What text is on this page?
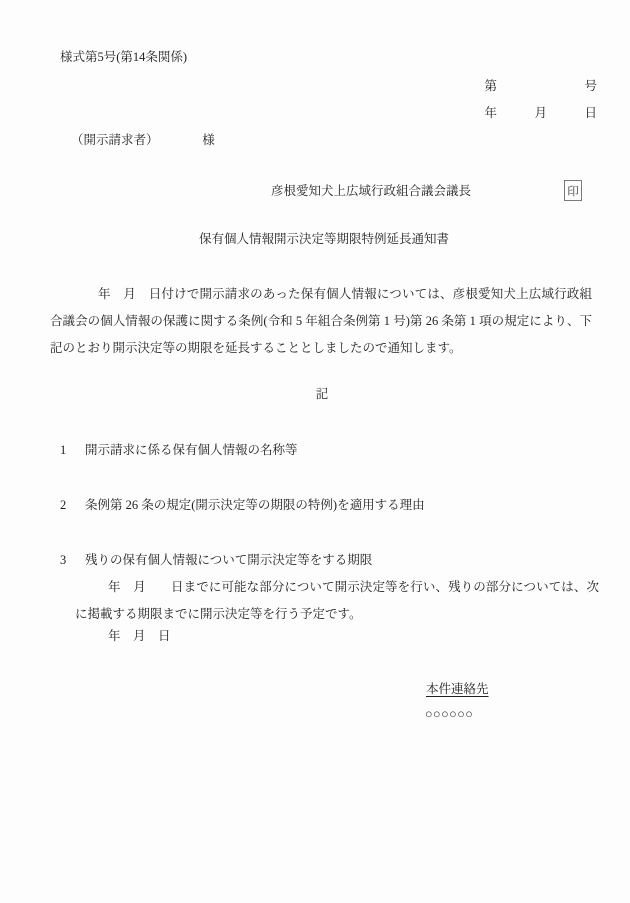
様式第5号(第14条関係)
第　　　　　　　号
年　　　月　　　日
（開示請求者）　　　　様
彦根愛知犬上広域行政組合議会議長	印
保有個人情報開示決定等期限特例延長通知書
年　月　日付けで開示請求のあった保有個人情報については、彦根愛知犬上広域行政組合議会の個人情報の保護に関する条例(令和 5 年組合条例第 1 号)第 26 条第 1 項の規定により、下記のとおり開示決定等の期限を延長することとしましたので通知します。
記
1	開示請求に係る保有個人情報の名称等
2	条例第 26 条の規定(開示決定等の期限の特例)を適用する理由
3	残りの保有個人情報について開示決定等をする期限
年　月　　日までに可能な部分について開示決定等を行い、残りの部分については、次に掲載する期限までに開示決定等を行う予定です。
年　月　日
本件連絡先
○○○○○○
